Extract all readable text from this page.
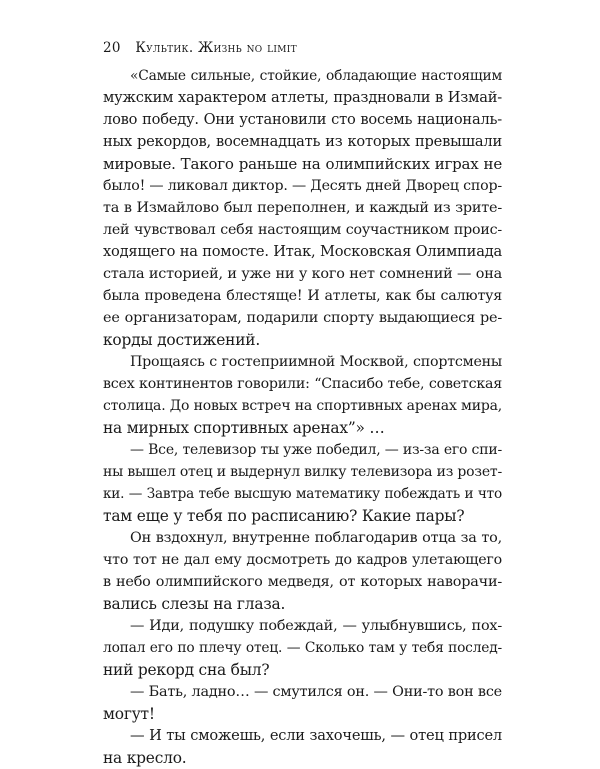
20 Культик. Жизнь no limit
«Самые сильные, стойкие, обладающие настоящим
мужским характером атлеты, праздновали в Измай-
лово победу. Они установили сто восемь националь-
ных рекордов, восемнадцать из которых превышали
мировые. Такого раньше на олимпийских играх не
было! — ликовал диктор. — Десять дней Дворец спор-
та в Измайлово был переполнен, и каждый из зрите-
лей чувствовал себя настоящим соучастником проис-
ходящего на помосте. Итак, Московская Олимпиада
стала историей, и уже ни у кого нет сомнений — она
была проведена блестяще! И атлеты, как бы салютуя
ее организаторам, подарили спорту выдающиеся ре-
корды достижений.
Прощаясь с гостеприимной Москвой, спортсмены
всех континентов говорили: “Спасибо тебе, советская
столица. До новых встреч на спортивных аренах мира,
на мирных спортивных аренах”» …
— Все, телевизор ты уже победил, — из-за его спи-
ны вышел отец и выдернул вилку телевизора из розет-
ки. — Завтра тебе высшую математику побеждать и что
там еще у тебя по расписанию? Какие пары?
Он вздохнул, внутренне поблагодарив отца за то,
что тот не дал ему досмотреть до кадров улетающего
в небо олимпийского медведя, от которых наворачи-
вались слезы на глаза.
— Иди, подушку побеждай, — улыбнувшись, пох-
лопал его по плечу отец. — Сколько там у тебя послед-
ний рекорд сна был?
— Бать, ладно… — смутился он. — Они-то вон все
могут!
— И ты сможешь, если захочешь, — отец присел
на кресло.
